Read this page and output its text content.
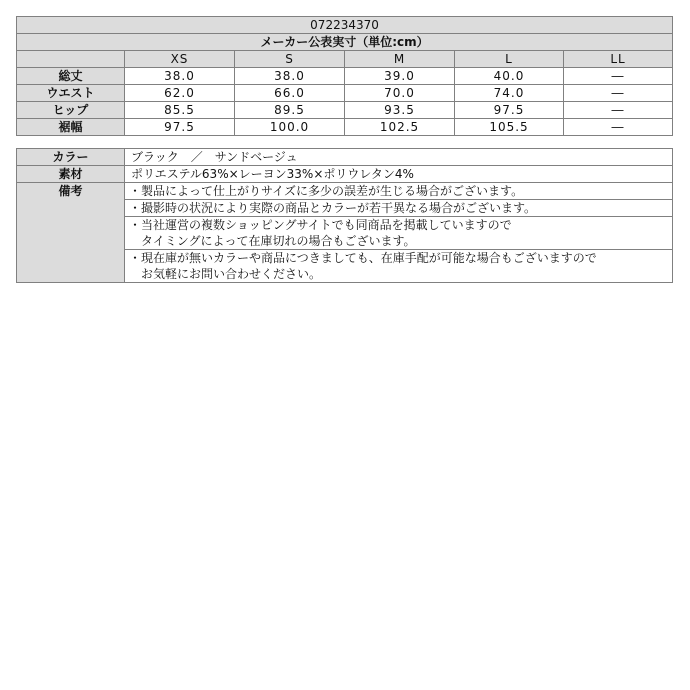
072234370					
メーカー公表実寸（単位:cm）					
	XS	S	M	L	LL
総丈	38.0	38.0	39.0	40.0	―
ウエスト	62.0	66.0	70.0	74.0	―
ヒップ	85.5	89.5	93.5	97.5	―
裾幅	97.5	100.0	102.5	105.5	―
カラー	ブラック　／　サンドベージュ
素材	ポリエステル63%×レーヨン33%×ポリウレタン4%
備考	・製品によって仕上がりサイズに多少の誤差が生じる場合がございます。

	・撮影時の状況により実際の商品とカラーが若干異なる場合がございます。

	・当社運営の複数ショッピングサイトでも同商品を掲載していますので
　タイミングによって在庫切れの場合もございます。

	・現在庫が無いカラーや商品につきましても、在庫手配が可能な場合もございますので
　お気軽にお問い合わせください。
